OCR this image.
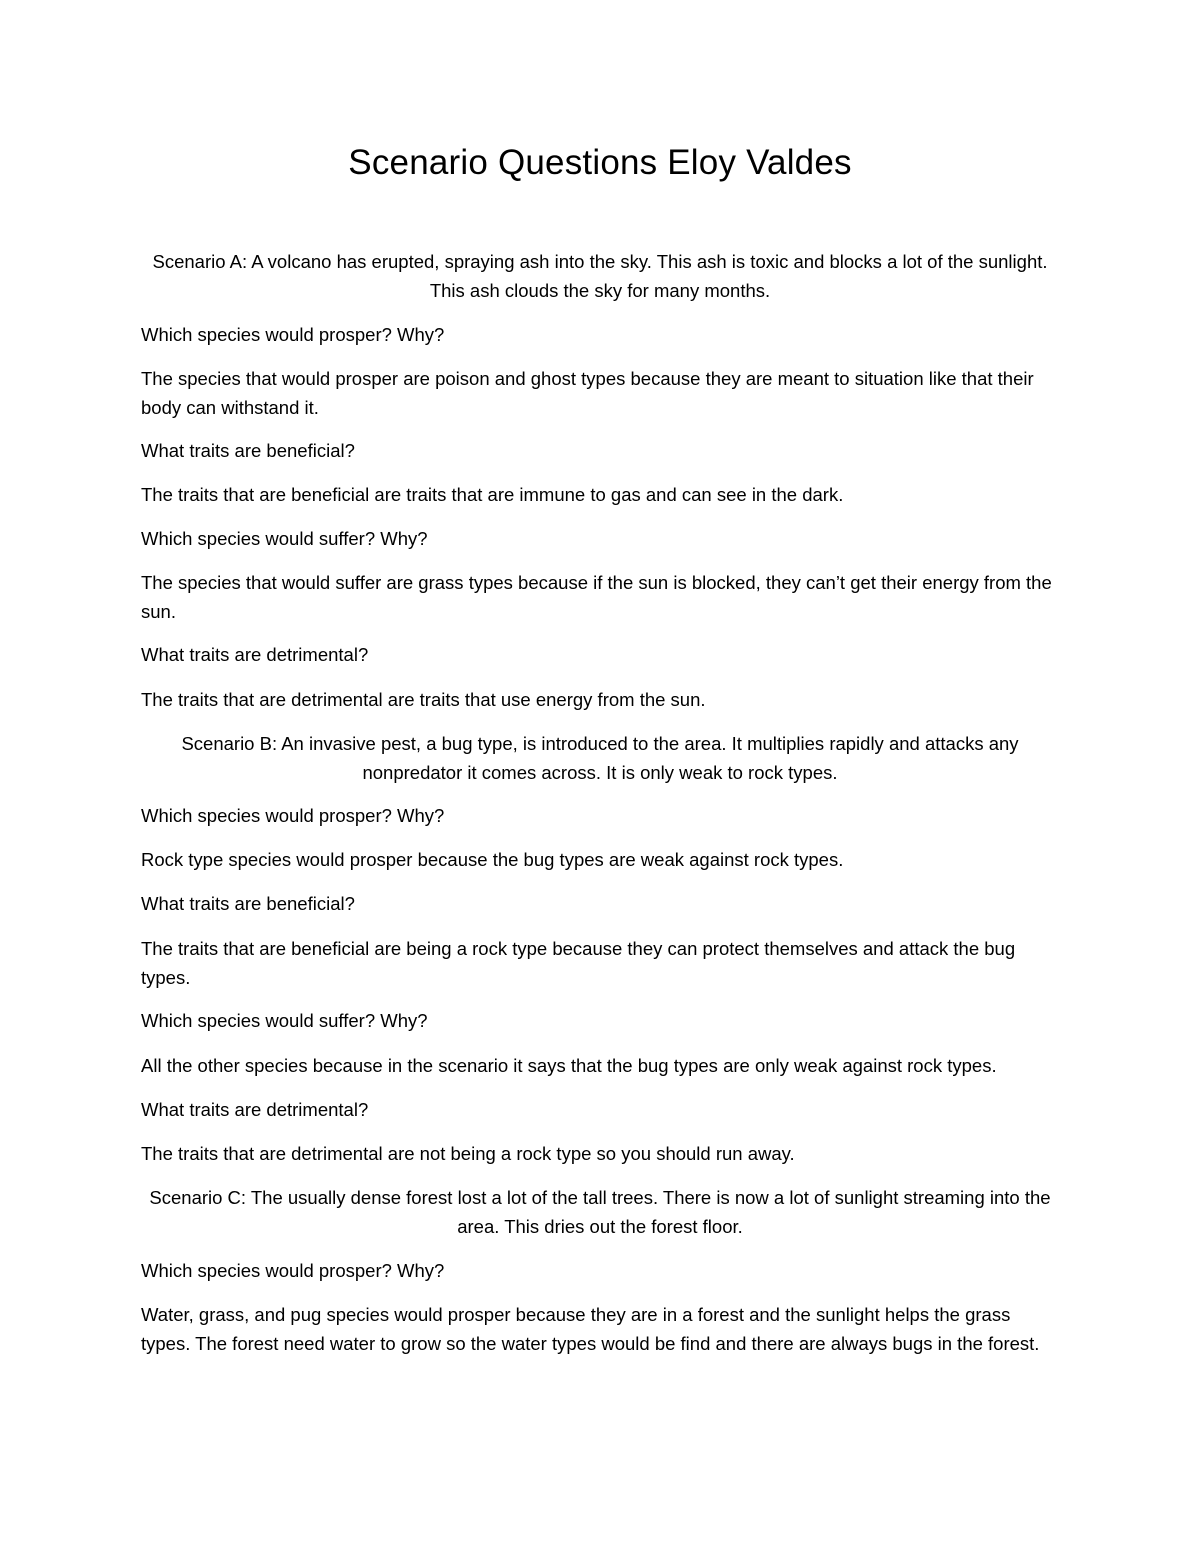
Scenario Questions Eloy Valdes

Scenario A: A volcano has erupted, spraying ash into the sky. This ash is toxic and blocks a lot of the sunlight. This ash clouds the sky for many months.

Which species would prosper? Why?

The species that would prosper are poison and ghost types because they are meant to situation like that their body can withstand it.

What traits are beneficial?

The traits that are beneficial are traits that are immune to gas and can see in the dark.

Which species would suffer? Why?

The species that would suffer are grass types because if the sun is blocked, they can’t get their energy from the sun.

What traits are detrimental?

The traits that are detrimental are traits that use energy from the sun.

Scenario B: An invasive pest, a bug type, is introduced to the area. It multiplies rapidly and attacks any nonpredator it comes across. It is only weak to rock types.

Which species would prosper? Why?

Rock type species would prosper because the bug types are weak against rock types.

What traits are beneficial?

The traits that are beneficial are being a rock type because they can protect themselves and attack the bug types.

Which species would suffer? Why?

All the other species because in the scenario it says that the bug types are only weak against rock types.

What traits are detrimental?

The traits that are detrimental are not being a rock type so you should run away.

Scenario C: The usually dense forest lost a lot of the tall trees. There is now a lot of sunlight streaming into the area. This dries out the forest floor.

Which species would prosper? Why?

Water, grass, and pug species would prosper because they are in a forest and the sunlight helps the grass types. The forest need water to grow so the water types would be find and there are always bugs in the forest.
